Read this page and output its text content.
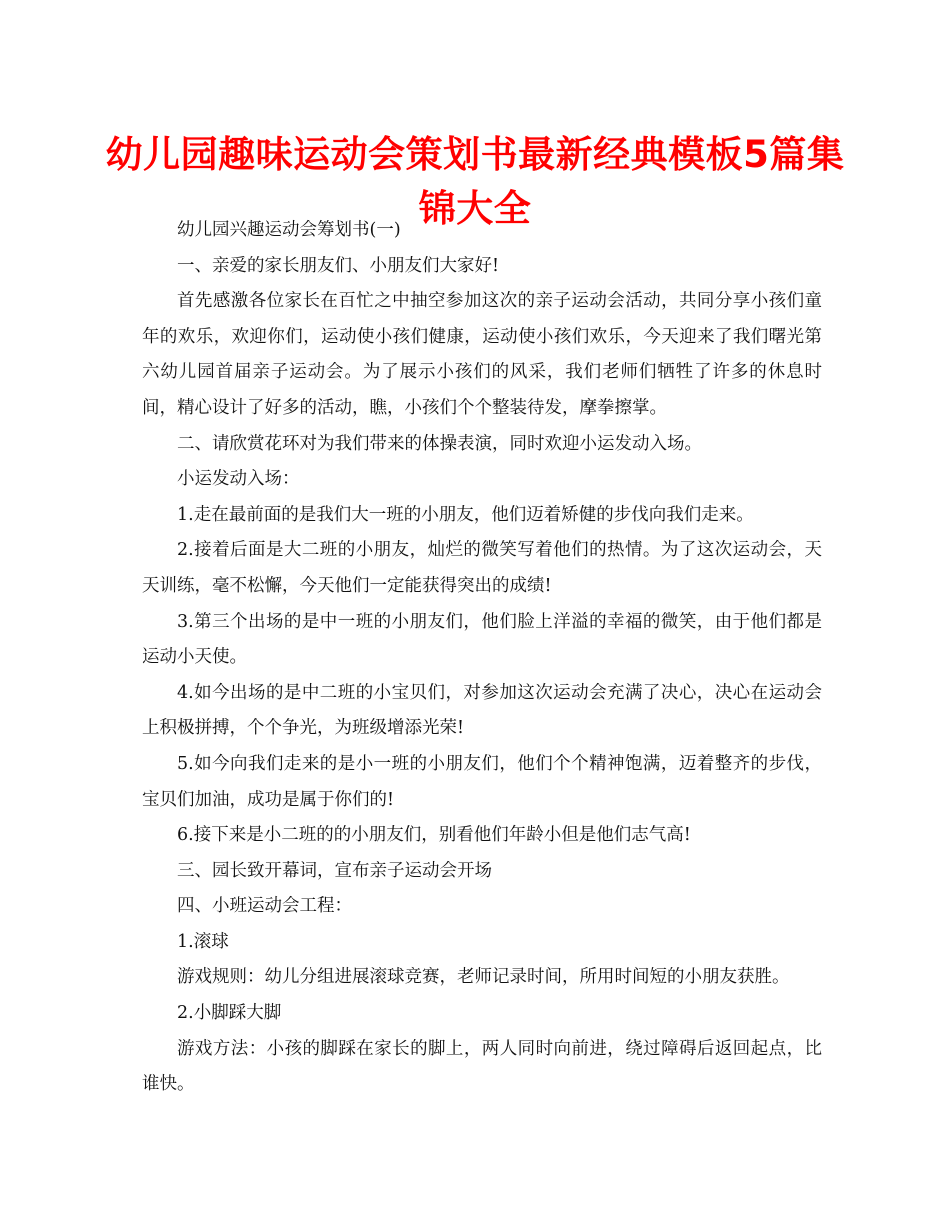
幼儿园趣味运动会策划书最新经典模板5篇集锦大全

幼儿园兴趣运动会筹划书(一)

一、亲爱的家长朋友们、小朋友们大家好!

首先感激各位家长在百忙之中抽空参加这次的亲子运动会活动，共同分享小孩们童年的欢乐，欢迎你们，运动使小孩们健康，运动使小孩们欢乐，今天迎来了我们曙光第六幼儿园首届亲子运动会。为了展示小孩们的风采，我们老师们牺牲了许多的休息时间，精心设计了好多的活动，瞧，小孩们个个整装待发，摩拳擦掌。

二、请欣赏花环对为我们带来的体操表演，同时欢迎小运发动入场。

小运发动入场：

1.走在最前面的是我们大一班的小朋友，他们迈着矫健的步伐向我们走来。

2.接着后面是大二班的小朋友，灿烂的微笑写着他们的热情。为了这次运动会，天天训练，毫不松懈，今天他们一定能获得突出的成绩!

3.第三个出场的是中一班的小朋友们，他们脸上洋溢的幸福的微笑，由于他们都是运动小天使。

4.如今出场的是中二班的小宝贝们，对参加这次运动会充满了决心，决心在运动会上积极拼搏，个个争光，为班级增添光荣!

5.如今向我们走来的是小一班的小朋友们，他们个个精神饱满，迈着整齐的步伐，宝贝们加油，成功是属于你们的!

6.接下来是小二班的的小朋友们，别看他们年龄小但是他们志气高!

三、园长致开幕词，宣布亲子运动会开场

四、小班运动会工程：

1.滚球

游戏规则：幼儿分组进展滚球竞赛，老师记录时间，所用时间短的小朋友获胜。

2.小脚踩大脚

游戏方法：小孩的脚踩在家长的脚上，两人同时向前进，绕过障碍后返回起点，比谁快。
